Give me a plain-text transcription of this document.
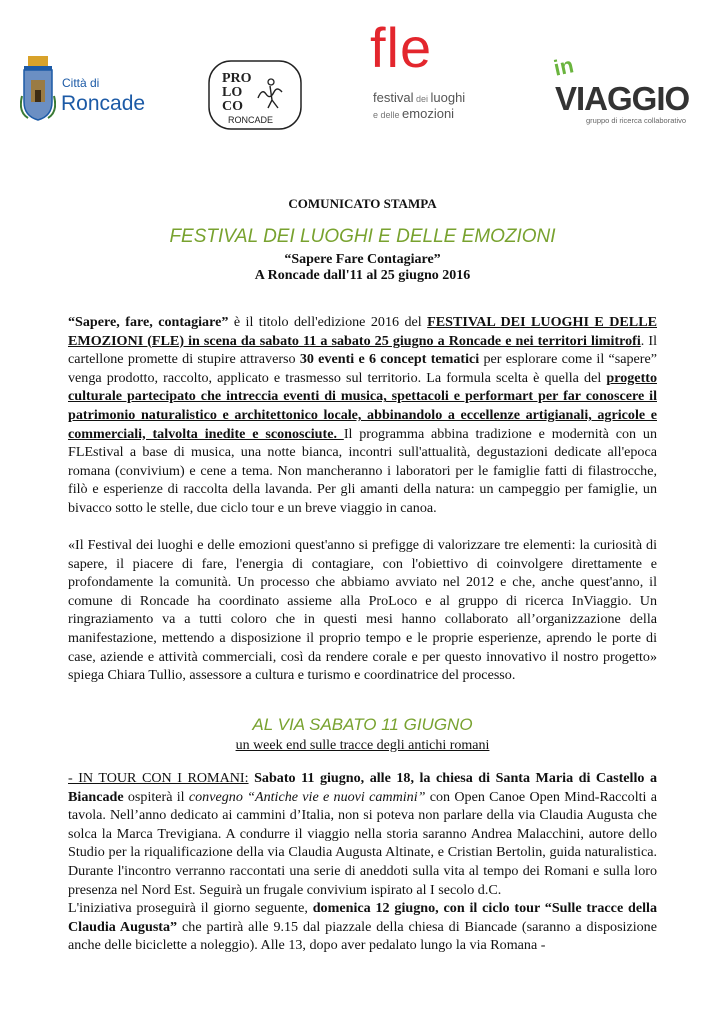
Città di
Roncade
PRO
LO
CO
RONCADE
fle
festival dei luoghi
e delle emozioni
in
VIAGGIO
gruppo di ricerca collaborativo
COMUNICATO STAMPA
FESTIVAL DEI LUOGHI E DELLE EMOZIONI
“Sapere Fare Contagiare”
A Roncade dall'11 al 25 giugno 2016
“Sapere, fare, contagiare” è il titolo dell'edizione 2016 del FESTIVAL DEI LUOGHI E DELLE EMOZIONI (FLE) in scena da sabato 11 a sabato 25 giugno a Roncade e nei territori limitrofi. Il cartellone promette di stupire attraverso 30 eventi e 6 concept tematici per esplorare come il “sapere” venga prodotto, raccolto, applicato e trasmesso sul territorio. La formula scelta è quella del progetto culturale partecipato che intreccia eventi di musica, spettacoli e performart per far conoscere il patrimonio naturalistico e architettonico locale, abbinandolo a eccellenze artigianali, agricole e commerciali, talvolta inedite e sconosciute. Il programma abbina tradizione e modernità con un FLEstival a base di musica, una notte bianca, incontri sull'attualità, degustazioni dedicate all'epoca romana (convivium) e cene a tema. Non mancheranno i laboratori per le famiglie fatti di filastrocche, filò e esperienze di raccolta della lavanda. Per gli amanti della natura: un campeggio per famiglie, un bivacco sotto le stelle, due ciclo tour e un breve viaggio in canoa.
«Il Festival dei luoghi e delle emozioni quest'anno si prefigge di valorizzare tre elementi: la curiosità di sapere, il piacere di fare, l'energia di contagiare, con l'obiettivo di coinvolgere direttamente e profondamente la comunità. Un processo che abbiamo avviato nel 2012 e che, anche quest'anno, il comune di Roncade ha coordinato assieme alla ProLoco e al gruppo di ricerca InViaggio. Un ringraziamento va a tutti coloro che in questi mesi hanno collaborato all’organizzazione della manifestazione, mettendo a disposizione il proprio tempo e le proprie esperienze, aprendo le porte di case, aziende e attività commerciali, così da rendere corale e per questo innovativo il nostro progetto» spiega Chiara Tullio, assessore a cultura e turismo e coordinatrice del processo.
AL VIA SABATO 11 GIUGNO
un week end sulle tracce degli antichi romani
- IN TOUR CON I ROMANI: Sabato 11 giugno, alle 18, la chiesa di Santa Maria di Castello a Biancade ospiterà il convegno “Antiche vie e nuovi cammini” con Open Canoe Open Mind-Raccolti a tavola. Nell’anno dedicato ai cammini d’Italia, non si poteva non parlare della via Claudia Augusta che solca la Marca Trevigiana. A condurre il viaggio nella storia saranno Andrea Malacchini, autore dello Studio per la riqualificazione della via Claudia Augusta Altinate, e Cristian Bertolin, guida naturalistica. Durante l'incontro verranno raccontati una serie di aneddoti sulla vita al tempo dei Romani e sulla loro presenza nel Nord Est. Seguirà un frugale convivium ispirato al I secolo d.C.
L'iniziativa proseguirà il giorno seguente, domenica 12 giugno, con il ciclo tour “Sulle tracce della Claudia Augusta” che partirà alle 9.15 dal piazzale della chiesa di Biancade (saranno a disposizione anche delle biciclette a noleggio). Alle 13, dopo aver pedalato lungo la via Romana -
